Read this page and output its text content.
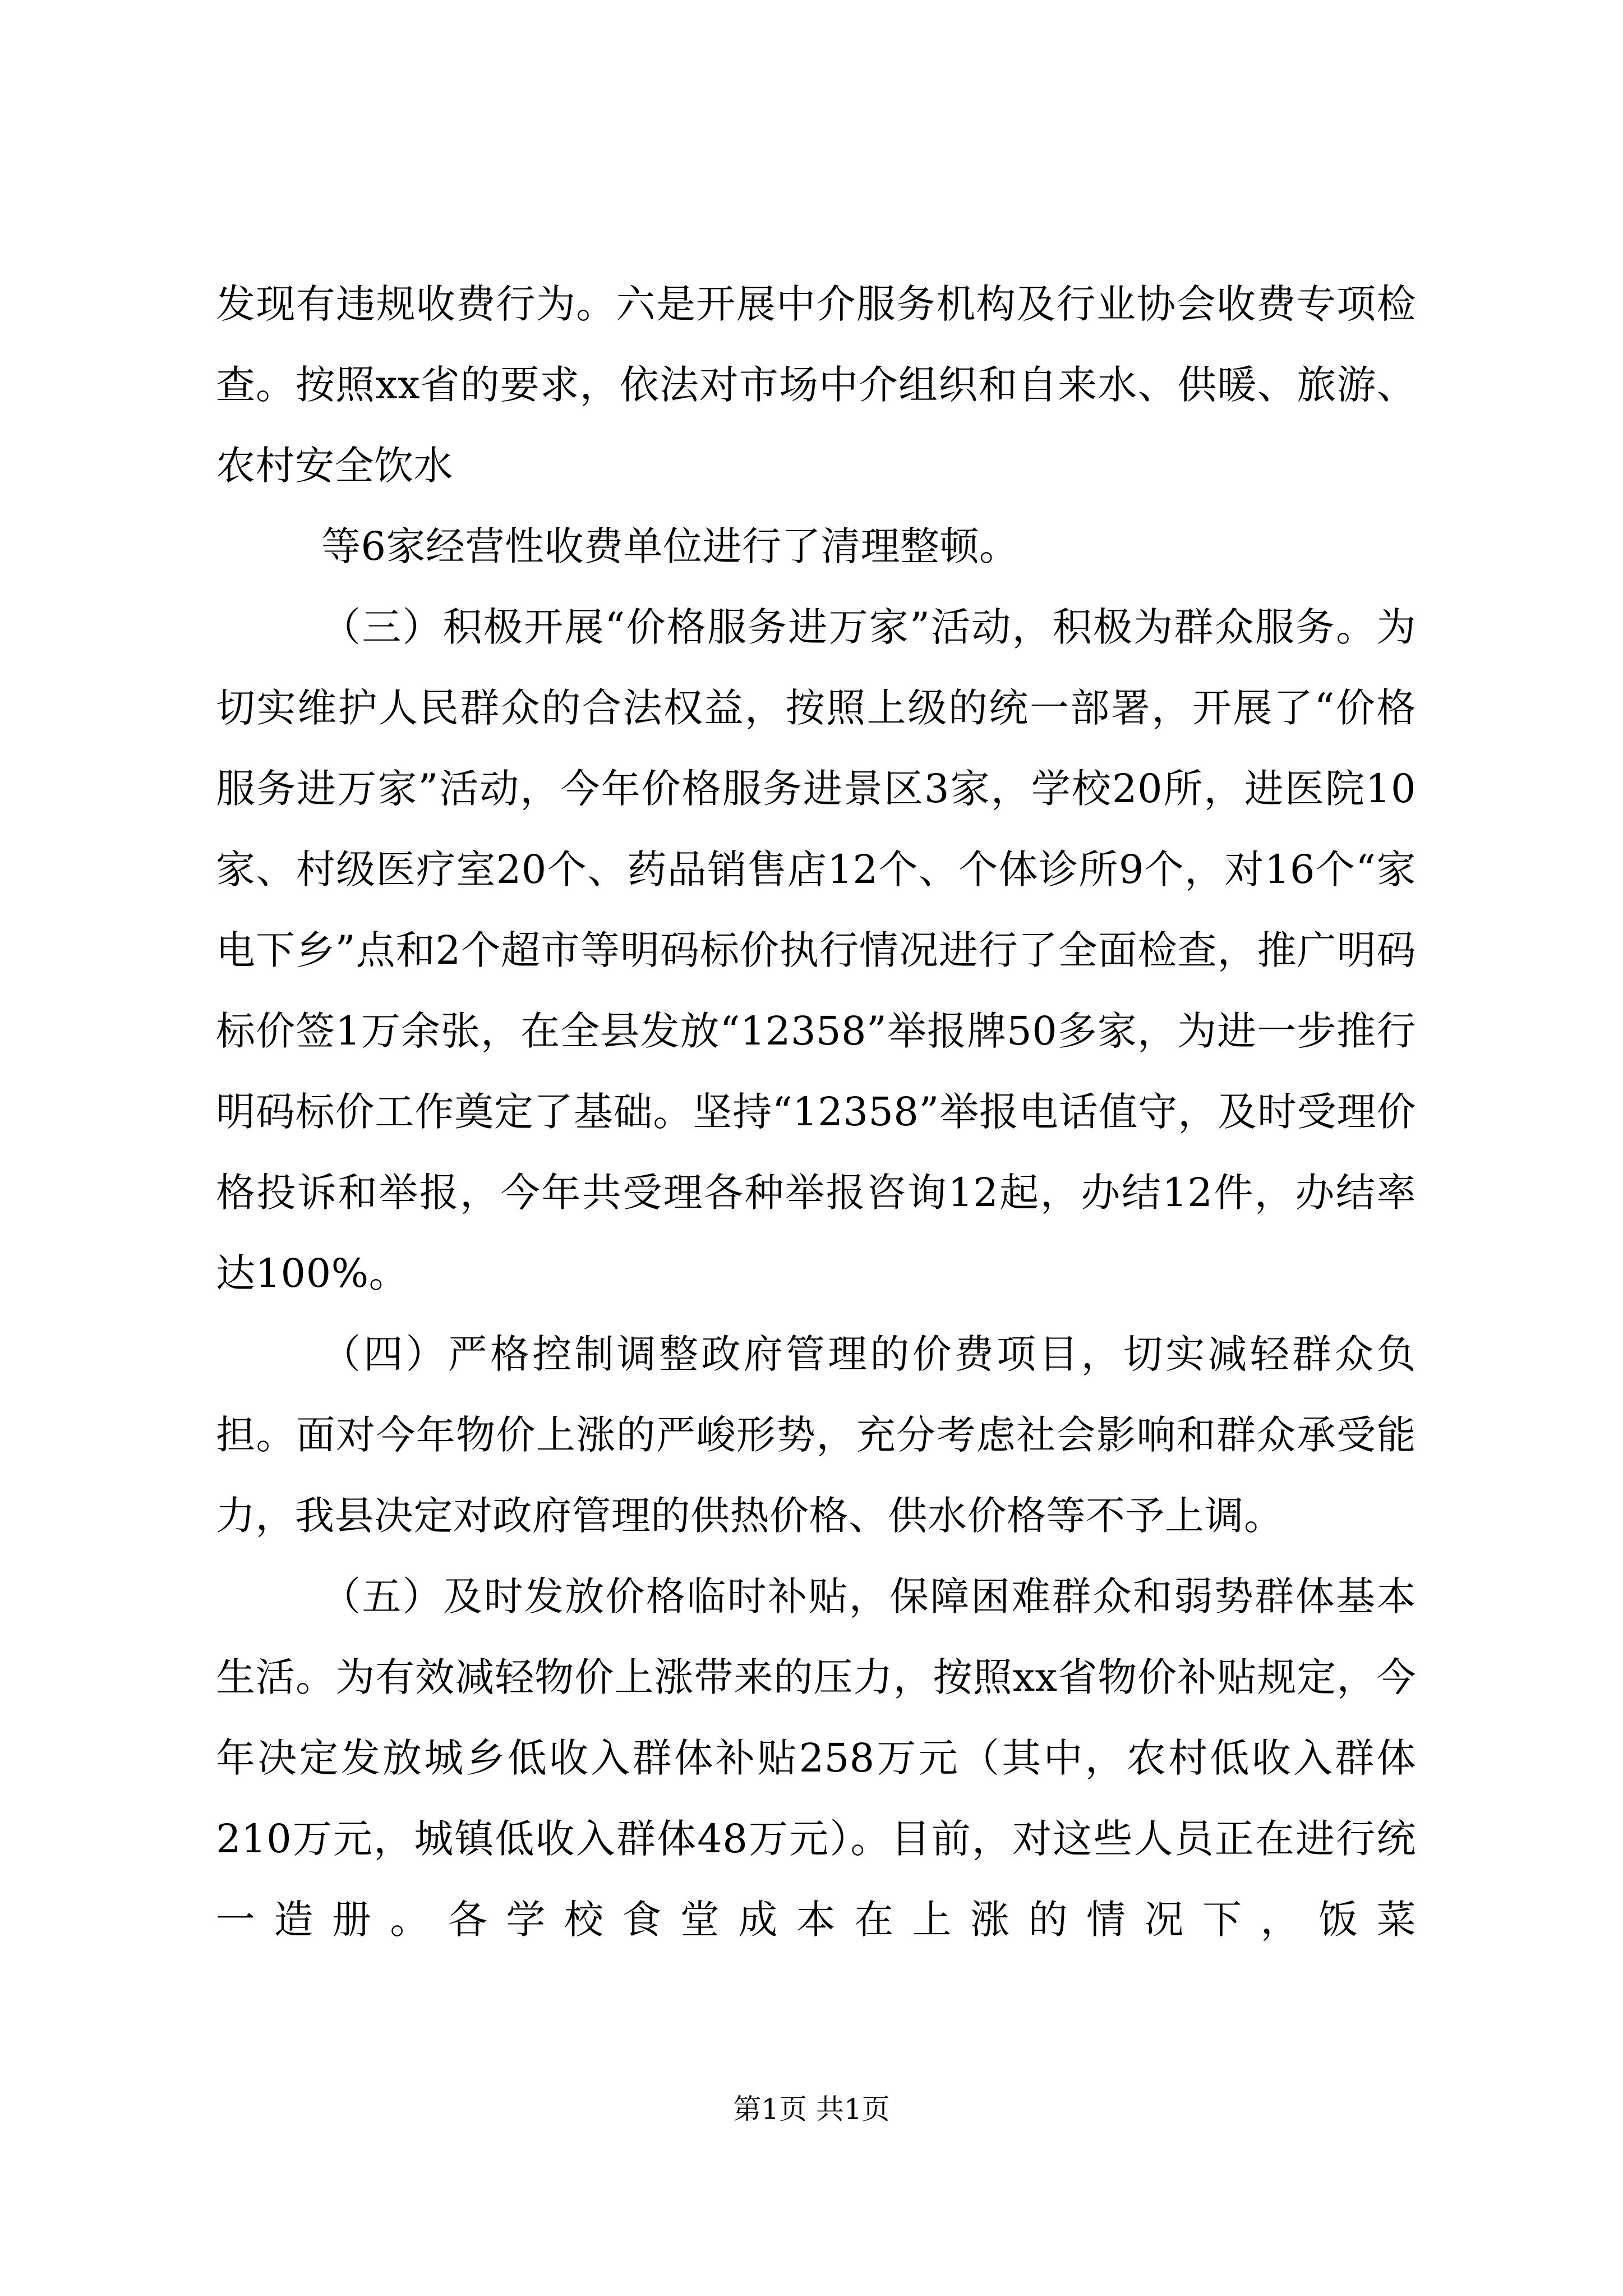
发现有违规收费行为。六是开展中介服务机构及行业协会收费专项检查。按照xx省的要求，依法对市场中介组织和自来水、供暖、旅游、农村安全饮水

等6家经营性收费单位进行了清理整顿。

（三）积极开展“价格服务进万家”活动，积极为群众服务。为切实维护人民群众的合法权益，按照上级的统一部署，开展了“价格服务进万家”活动，今年价格服务进景区3家，学校20所，进医院10家、村级医疗室20个、药品销售店12个、个体诊所9个，对16个“家电下乡”点和2个超市等明码标价执行情况进行了全面检查，推广明码标价签1万余张，在全县发放“12358”举报牌50多家，为进一步推行明码标价工作奠定了基础。坚持“12358”举报电话值守，及时受理价格投诉和举报，今年共受理各种举报咨询12起，办结12件，办结率达100%。

（四）严格控制调整政府管理的价费项目，切实减轻群众负担。面对今年物价上涨的严峻形势，充分考虑社会影响和群众承受能力，我县决定对政府管理的供热价格、供水价格等不予上调。

（五）及时发放价格临时补贴，保障困难群众和弱势群体基本生活。为有效减轻物价上涨带来的压力，按照xx省物价补贴规定，今年决定发放城乡低收入群体补贴258万元（其中，农村低收入群体210万元，城镇低收入群体48万元）。目前，对这些人员正在进行统一造册。各学校食堂成本在上涨的情况下，饭菜

第1页 共1页
